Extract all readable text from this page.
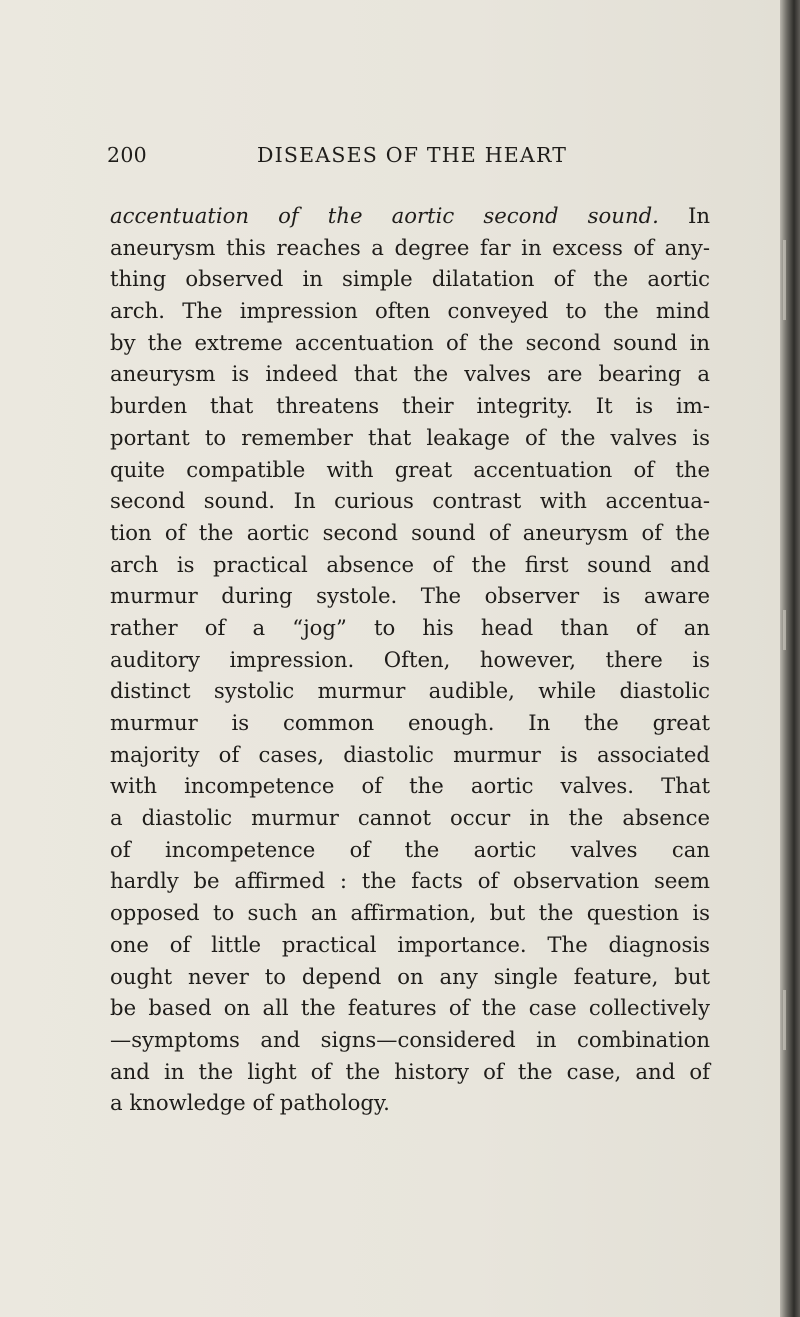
200	DISEASES OF THE HEART
accentuation of the aortic second sound. In
aneurysm this reaches a degree far in excess of any-
thing observed in simple dilatation of the aortic
arch. The impression often conveyed to the mind
by the extreme accentuation of the second sound in
aneurysm is indeed that the valves are bearing a
burden that threatens their integrity. It is im-
portant to remember that leakage of the valves is
quite compatible with great accentuation of the
second sound. In curious contrast with accentua-
tion of the aortic second sound of aneurysm of the
arch is practical absence of the first sound and
murmur during systole. The observer is aware
rather of a “jog” to his head than of an
auditory impression. Often, however, there is
distinct systolic murmur audible, while diastolic
murmur is common enough. In the great
majority of cases, diastolic murmur is associated
with incompetence of the aortic valves. That
a diastolic murmur cannot occur in the absence
of incompetence of the aortic valves can
hardly be affirmed : the facts of observation seem
opposed to such an affirmation, but the question is
one of little practical importance. The diagnosis
ought never to depend on any single feature, but
be based on all the features of the case collectively
—symptoms and signs—considered in combination
and in the light of the history of the case, and of
a knowledge of pathology.
